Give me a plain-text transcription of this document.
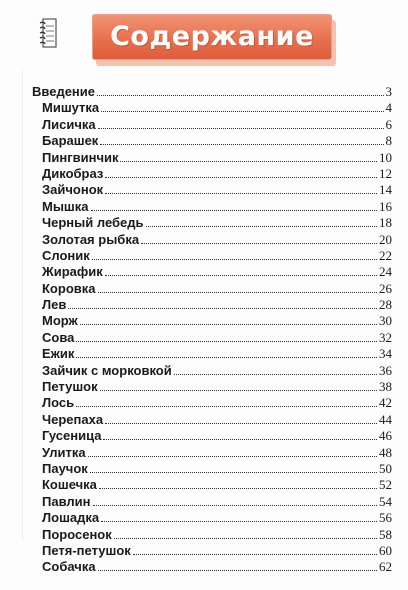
Содержание
Введение	3
Мишутка	4
Лисичка	6
Барашек	8
Пингвинчик	10
Дикобраз	12
Зайчонок	14
Мышка	16
Черный лебедь	18
Золотая рыбка	20
Слоник	22
Жирафик	24
Коровка	26
Лев	28
Морж	30
Сова	32
Ежик	34
Зайчик с морковкой	36
Петушок	38
Лось	42
Черепаха	44
Гусеница	46
Улитка	48
Паучок	50
Кошечка	52
Павлин	54
Лошадка	56
Поросенок	58
Петя-петушок	60
Собачка	62
